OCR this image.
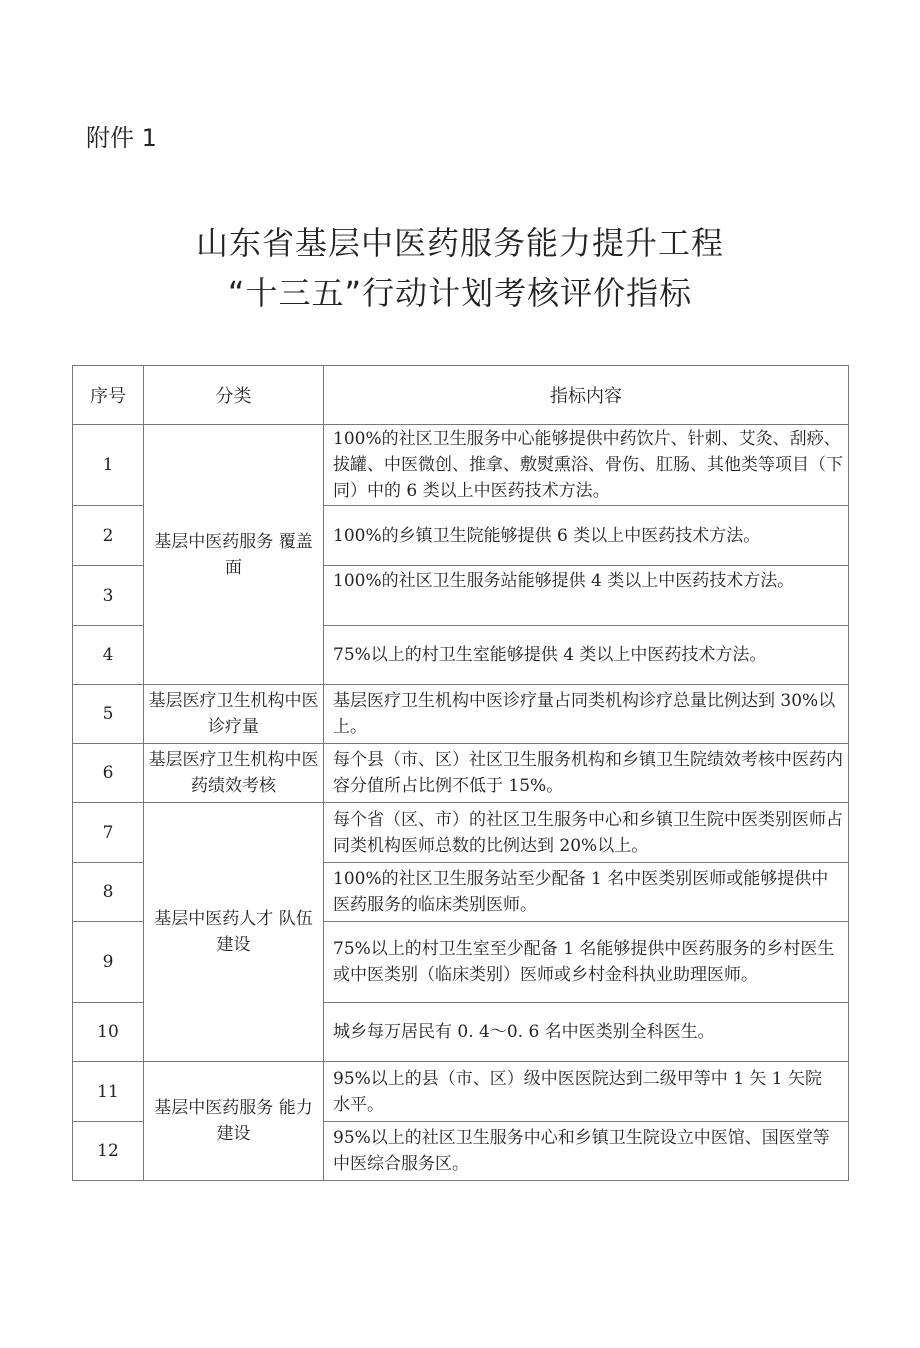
附件 1
山东省基层中医药服务能力提升工程
“十三五”行动计划考核评价指标
序号	分类	指标内容
1	基层中医药服务 覆盖面	100%的社区卫生服务中心能够提供中药饮片、针刺、艾灸、刮痧、拔罐、中医微创、推拿、敷熨熏浴、骨伤、肛肠、其他类等项目（下同）中的 6 类以上中医药技术方法。
2		100%的乡镇卫生院能够提供 6 类以上中医药技术方法。
3		100%的社区卫生服务站能够提供 4 类以上中医药技术方法。
4		75%以上的村卫生室能够提供 4 类以上中医药技术方法。
5	基层医疗卫生机构中医诊疗量	基层医疗卫生机构中医诊疗量占同类机构诊疗总量比例达到 30%以上。
6	基层医疗卫生机构中医药绩效考核	每个县（市、区）社区卫生服务机构和乡镇卫生院绩效考核中医药内容分值所占比例不低于 15%。
7	基层中医药人才 队伍建设	每个省（区、市）的社区卫生服务中心和乡镇卫生院中医类别医师占同类机构医师总数的比例达到 20%以上。
8		100%的社区卫生服务站至少配备 1 名中医类别医师或能够提供中医药服务的临床类别医师。
9		75%以上的村卫生室至少配备 1 名能够提供中医药服务的乡村医生或中医类别（临床类别）医师或乡村金科执业助理医师。
10		城乡每万居民有 0. 4～0. 6 名中医类别全科医生。
11	基层中医药服务 能力建设	95%以上的县（市、区）级中医医院达到二级甲等中 1 矢 1 矢院 水平。
12		95%以上的社区卫生服务中心和乡镇卫生院设立中医馆、国医堂等中医综合服务区。
